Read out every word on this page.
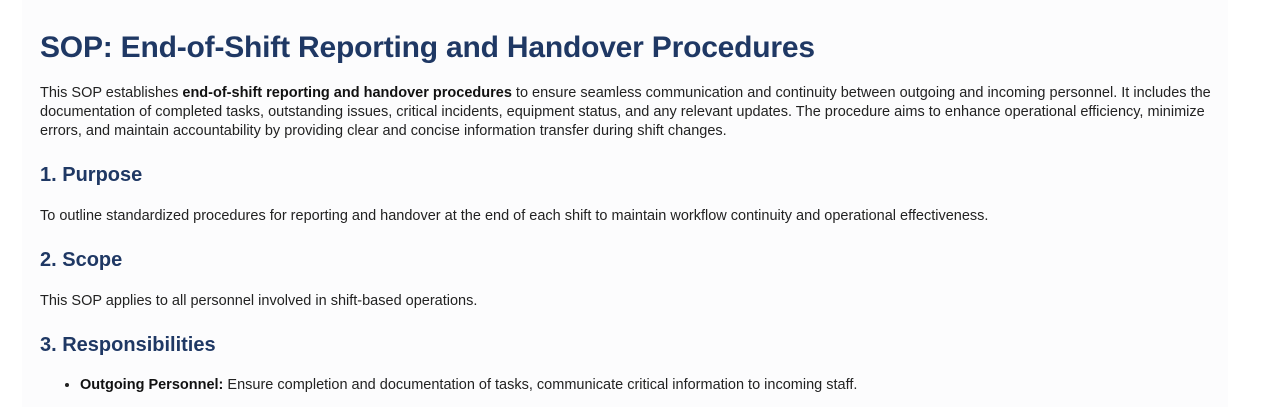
SOP: End-of-Shift Reporting and Handover Procedures

This SOP establishes end-of-shift reporting and handover procedures to ensure seamless communication and continuity between outgoing and incoming personnel. It includes the documentation of completed tasks, outstanding issues, critical incidents, equipment status, and any relevant updates. The procedure aims to enhance operational efficiency, minimize errors, and maintain accountability by providing clear and concise information transfer during shift changes.

1. Purpose

To outline standardized procedures for reporting and handover at the end of each shift to maintain workflow continuity and operational effectiveness.

2. Scope

This SOP applies to all personnel involved in shift-based operations.

3. Responsibilities
• Outgoing Personnel: Ensure completion and documentation of tasks, communicate critical information to incoming staff.
